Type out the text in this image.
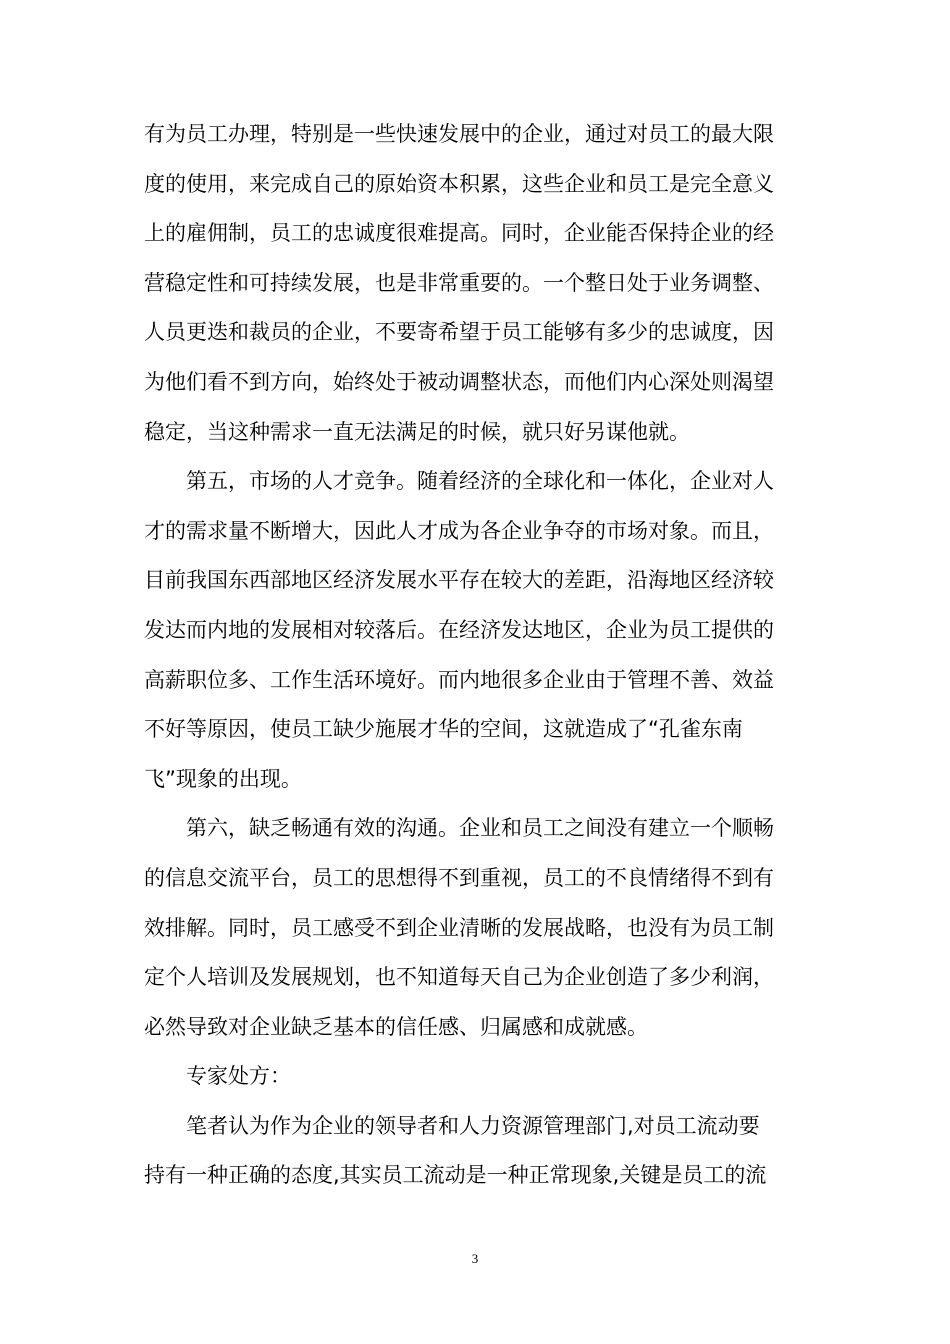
有为员工办理，特别是一些快速发展中的企业，通过对员工的最大限
度的使用，来完成自己的原始资本积累，这些企业和员工是完全意义
上的雇佣制，员工的忠诚度很难提高。同时，企业能否保持企业的经
营稳定性和可持续发展，也是非常重要的。一个整日处于业务调整、
人员更迭和裁员的企业，不要寄希望于员工能够有多少的忠诚度，因
为他们看不到方向，始终处于被动调整状态，而他们内心深处则渴望
稳定，当这种需求一直无法满足的时候，就只好另谋他就。
　　第五，市场的人才竞争。随着经济的全球化和一体化，企业对人
才的需求量不断增大，因此人才成为各企业争夺的市场对象。而且，
目前我国东西部地区经济发展水平存在较大的差距，沿海地区经济较
发达而内地的发展相对较落后。在经济发达地区，企业为员工提供的
高薪职位多、工作生活环境好。而内地很多企业由于管理不善、效益
不好等原因，使员工缺少施展才华的空间，这就造成了“孔雀东南
飞”现象的出现。
　　第六，缺乏畅通有效的沟通。企业和员工之间没有建立一个顺畅
的信息交流平台，员工的思想得不到重视，员工的不良情绪得不到有
效排解。同时，员工感受不到企业清晰的发展战略，也没有为员工制
定个人培训及发展规划，也不知道每天自己为企业创造了多少利润，
必然导致对企业缺乏基本的信任感、归属感和成就感。
　　专家处方：
　　笔者认为作为企业的领导者和人力资源管理部门,对员工流动要
持有一种正确的态度,其实员工流动是一种正常现象,关键是员工的流
3
